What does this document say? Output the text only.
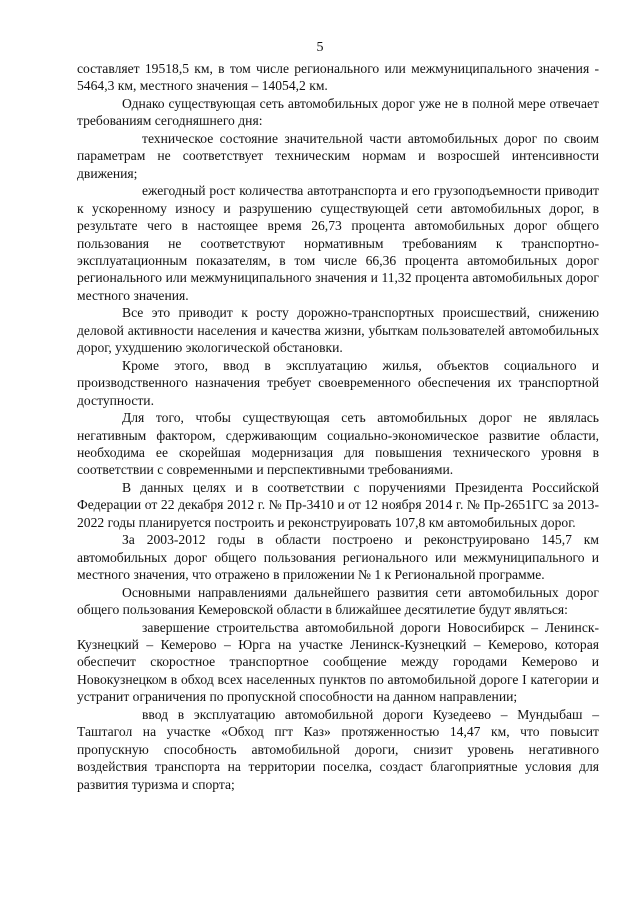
5

составляет 19518,5 км, в том числе регионального или межмуниципального значения - 5464,3 км, местного значения – 14054,2 км.

Однако существующая сеть автомобильных дорог уже не в полной мере отвечает требованиям сегодняшнего дня:

техническое состояние значительной части автомобильных дорог по своим параметрам не соответствует техническим нормам и возросшей интенсивности движения;

ежегодный рост количества автотранспорта и его грузоподъемности приводит к ускоренному износу и разрушению существующей сети автомобильных дорог, в результате чего в настоящее время 26,73 процента автомобильных дорог общего пользования не соответствуют нормативным требованиям к транспортно-эксплуатационным показателям, в том числе 66,36 процента автомобильных дорог регионального или межмуниципального значения и 11,32 процента автомобильных дорог местного значения.

Все это приводит к росту дорожно-транспортных происшествий, снижению деловой активности населения и качества жизни, убыткам пользователей автомобильных дорог, ухудшению экологической обстановки.

Кроме этого, ввод в эксплуатацию жилья, объектов социального и производственного назначения требует своевременного обеспечения их транспортной доступности.

Для того, чтобы существующая сеть автомобильных дорог не являлась негативным фактором, сдерживающим социально-экономическое развитие области, необходима ее скорейшая модернизация для повышения технического уровня в соответствии с современными и перспективными требованиями.

В данных целях и в соответствии с поручениями Президента Российской Федерации от 22 декабря 2012 г. № Пр-3410 и от 12 ноября 2014 г. № Пр-2651ГС за 2013-2022 годы планируется построить и реконструировать 107,8 км автомобильных дорог.

За 2003-2012 годы в области построено и реконструировано 145,7 км автомобильных дорог общего пользования регионального или межмуниципального и местного значения, что отражено в приложении № 1 к Региональной программе.

Основными направлениями дальнейшего развития сети автомобильных дорог общего пользования Кемеровской области в ближайшее десятилетие будут являться:

завершение строительства автомобильной дороги Новосибирск – Ленинск-Кузнецкий – Кемерово – Юрга на участке Ленинск-Кузнецкий – Кемерово, которая обеспечит скоростное транспортное сообщение между городами Кемерово и Новокузнецком в обход всех населенных пунктов по автомобильной дороге I категории и устранит ограничения по пропускной способности на данном направлении;

ввод в эксплуатацию автомобильной дороги Кузедеево – Мундыбаш – Таштагол на участке «Обход пгт Каз» протяженностью 14,47 км, что повысит пропускную способность автомобильной дороги, снизит уровень негативного воздействия транспорта на территории поселка, создаст благоприятные условия для развития туризма и спорта;
